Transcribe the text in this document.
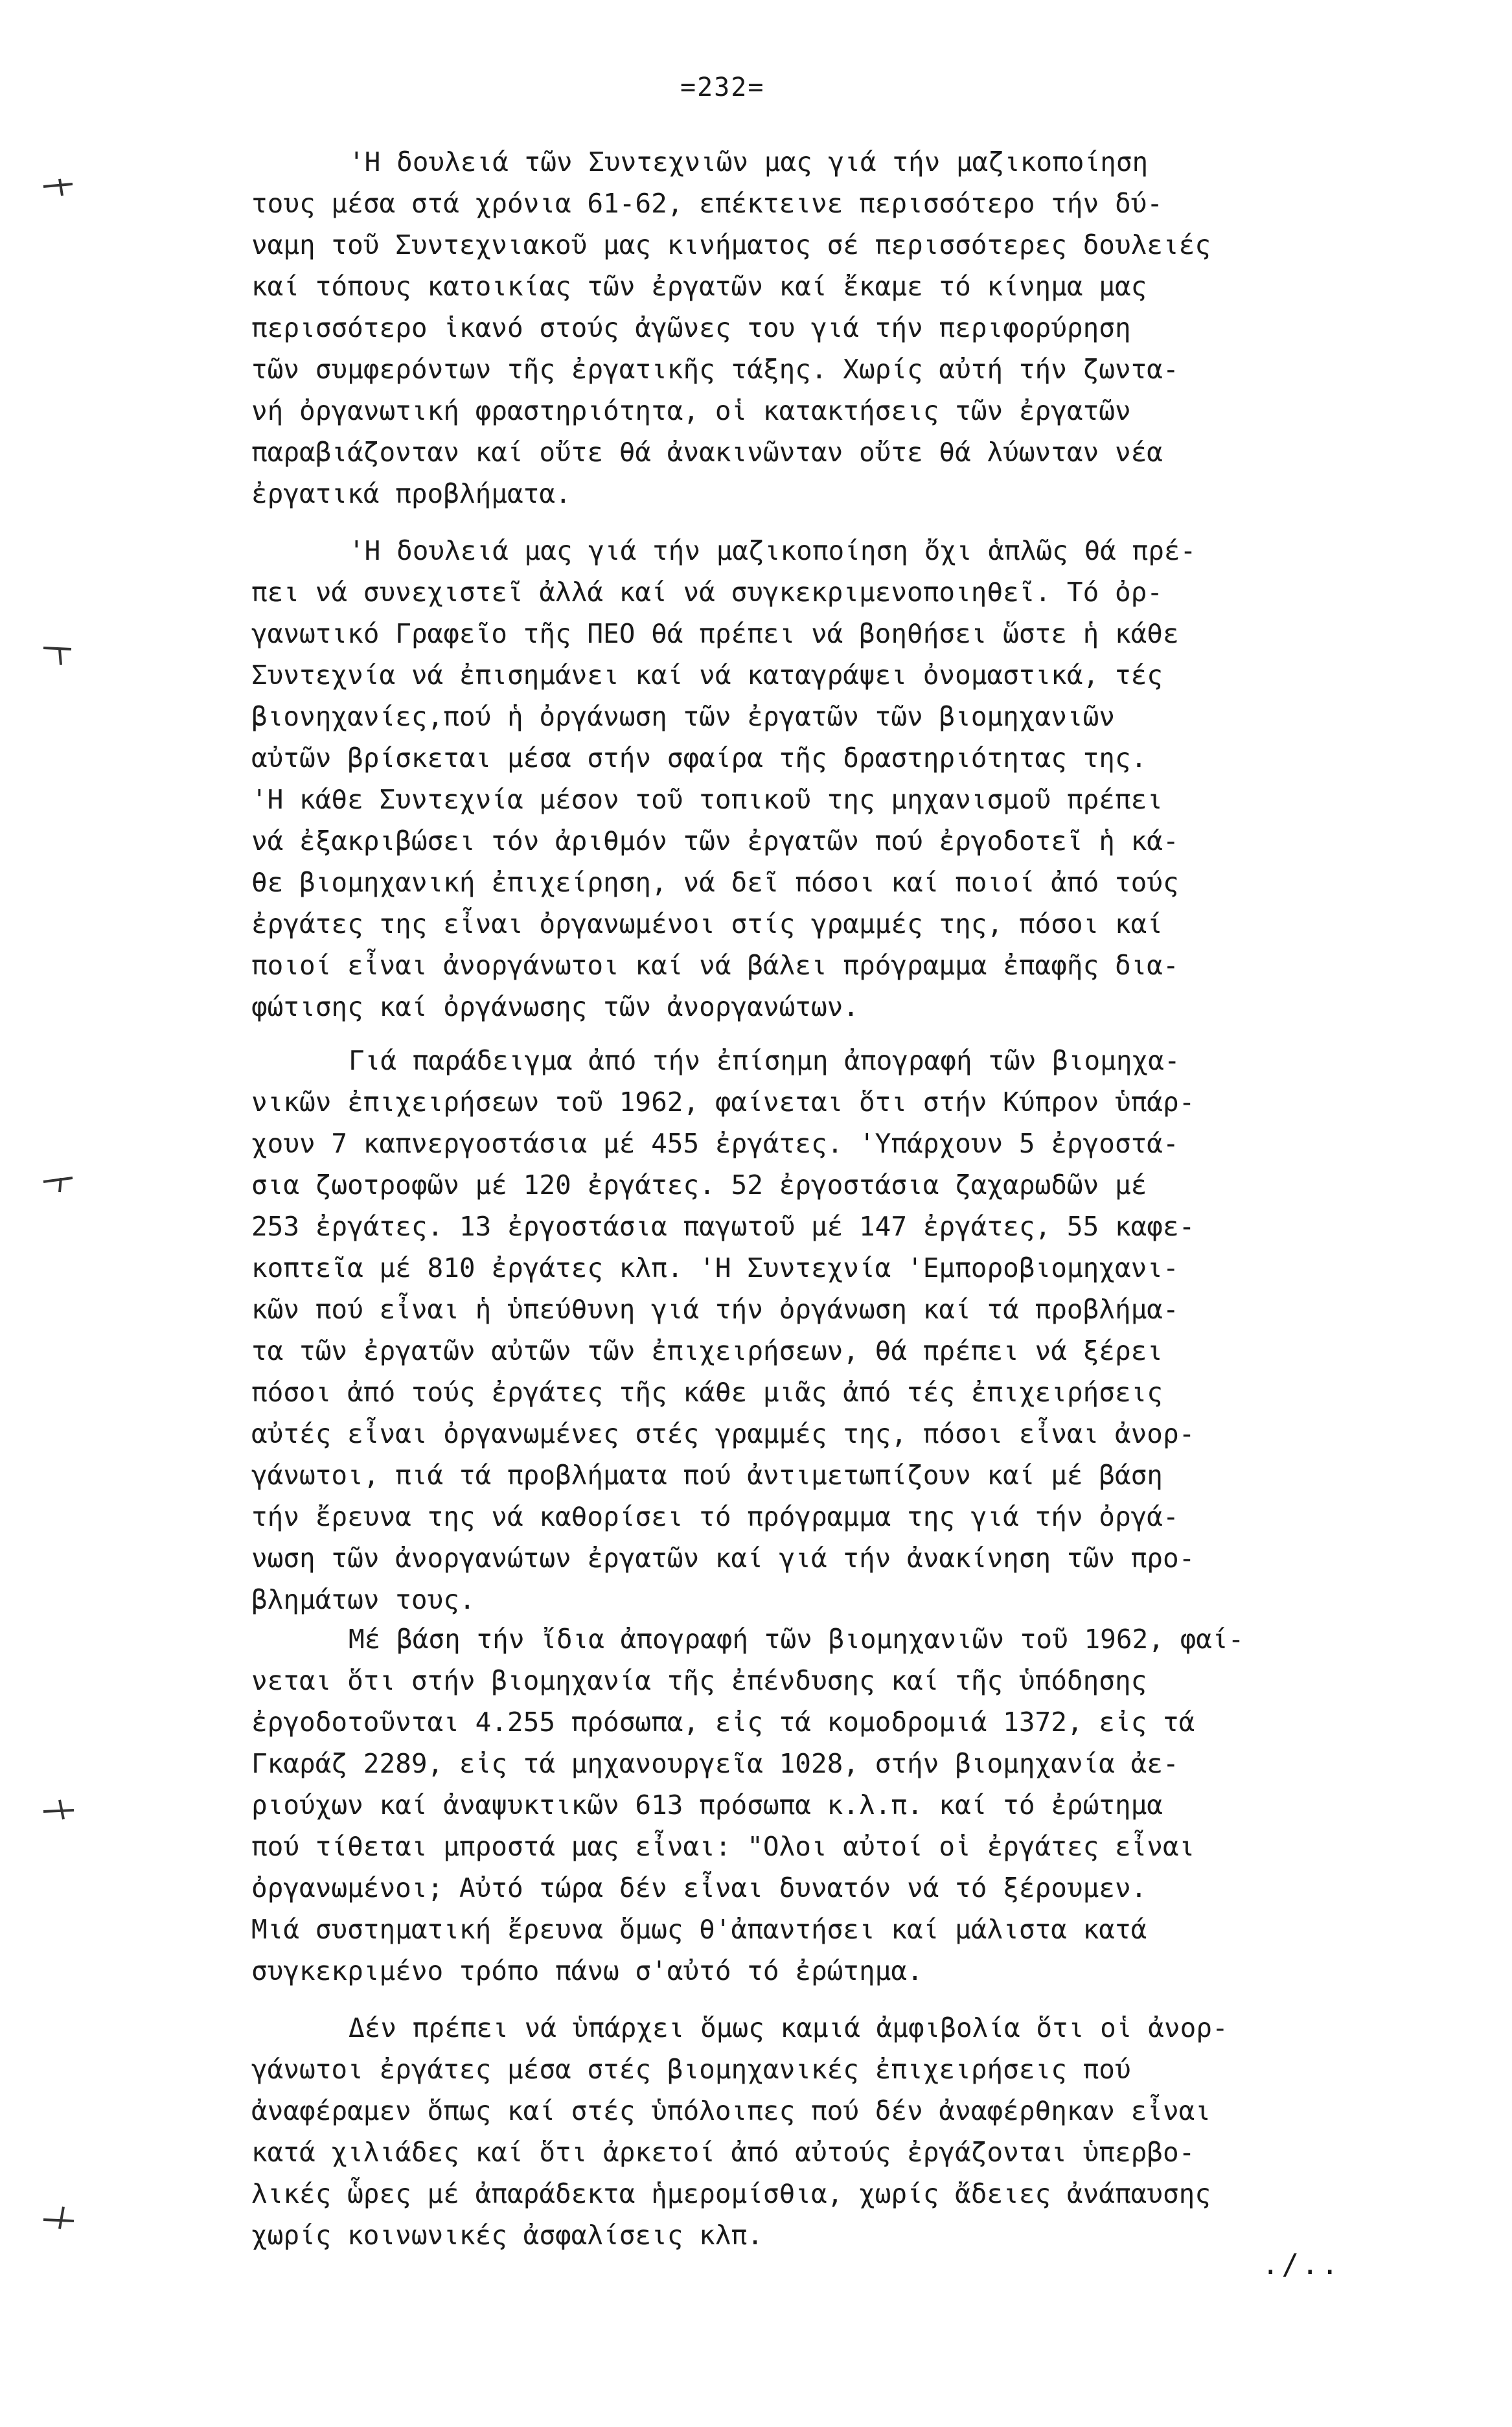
=232=
'Η δουλειά τῶν Συντεχνιῶν μας γιά τήν μαζικοποίηση
τους μέσα στά χρόνια 61-62, επέκτεινε περισσότερο τήν δύ-
ναμη τοῦ Συντεχνιακοῦ μας κινήματος σέ περισσότερες δουλειές
καί τόπους κατοικίας τῶν ἐργατῶν καί ἔκαμε τό κίνημα μας
περισσότερο ἱκανό στούς ἀγῶνες του γιά τήν περιφορύρηση
τῶν συμφερόντων τῆς ἐργατικῆς τάξης. Χωρίς αὐτή τήν ζωντα-
νή ὀργανωτική φραστηριότητα, οἱ κατακτήσεις τῶν ἐργατῶν
παραβιάζονταν καί οὔτε θά ἀνακινῶνταν οὔτε θά λύωνταν νέα
ἐργατικά προβλήματα.
'Η δουλειά μας γιά τήν μαζικοποίηση ὄχι ἁπλῶς θά πρέ-
πει νά συνεχιστεῖ ἀλλά καί νά συγκεκριμενοποιηθεῖ. Τό ὀρ-
γανωτικό Γραφεῖο τῆς ΠΕΟ θά πρέπει νά βοηθήσει ὥστε ἡ κάθε
Συντεχνία νά ἐπισημάνει καί νά καταγράψει ὀνομαστικά, τές
βιονηχανίες,πού ἡ ὀργάνωση τῶν ἐργατῶν τῶν βιομηχανιῶν
αὐτῶν βρίσκεται μέσα στήν σφαίρα τῆς δραστηριότητας της.
'Η κάθε Συντεχνία μέσον τοῦ τοπικοῦ της μηχανισμοῦ πρέπει
νά ἐξακριβώσει τόν ἀριθμόν τῶν ἐργατῶν πού ἐργοδοτεῖ ἡ κά-
θε βιομηχανική ἐπιχείρηση, νά δεῖ πόσοι καί ποιοί ἀπό τούς
ἐργάτες της εἶναι ὀργανωμένοι στίς γραμμές της, πόσοι καί
ποιοί εἶναι ἀνοργάνωτοι καί νά βάλει πρόγραμμα ἐπαφῆς δια-
φώτισης καί ὀργάνωσης τῶν ἀνοργανώτων.
Γιά παράδειγμα ἀπό τήν ἐπίσημη ἀπογραφή τῶν βιομηχα-
νικῶν ἐπιχειρήσεων τοῦ 1962, φαίνεται ὅτι στήν Κύπρον ὑπάρ-
χουν 7 καπνεργοστάσια μέ 455 ἐργάτες. 'Υπάρχουν 5 ἐργοστά-
σια ζωοτροφῶν μέ 120 ἐργάτες. 52 ἐργοστάσια ζαχαρωδῶν μέ
253 ἐργάτες. 13 ἐργοστάσια παγωτοῦ μέ 147 ἐργάτες, 55 καφε-
κοπτεῖα μέ 810 ἐργάτες κλπ. 'Η Συντεχνία 'Εμποροβιομηχανι-
κῶν πού εἶναι ἡ ὑπεύθυνη γιά τήν ὀργάνωση καί τά προβλήμα-
τα τῶν ἐργατῶν αὐτῶν τῶν ἐπιχειρήσεων, θά πρέπει νά ξέρει
πόσοι ἀπό τούς ἐργάτες τῆς κάθε μιᾶς ἀπό τές ἐπιχειρήσεις
αὐτές εἶναι ὀργανωμένες στές γραμμές της, πόσοι εἶναι ἀνορ-
γάνωτοι, πιά τά προβλήματα πού ἀντιμετωπίζουν καί μέ βάση
τήν ἔρευνα της νά καθορίσει τό πρόγραμμα της γιά τήν ὀργά-
νωση τῶν ἀνοργανώτων ἐργατῶν καί γιά τήν ἀνακίνηση τῶν προ-
βλημάτων τους.
Μέ βάση τήν ἴδια ἀπογραφή τῶν βιομηχανιῶν τοῦ 1962, φαί-
νεται ὅτι στήν βιομηχανία τῆς ἐπένδυσης καί τῆς ὑπόδησης
ἐργοδοτοῦνται 4.255 πρόσωπα, εἰς τά κομοδρομιά 1372, εἰς τά
Γκαράζ 2289, εἰς τά μηχανουργεῖα 1028, στήν βιομηχανία ἀε-
ριούχων καί ἀναψυκτικῶν 613 πρόσωπα κ.λ.π. καί τό ἐρώτημα
πού τίθεται μπροστά μας εἶναι: "Ολοι αὐτοί οἱ ἐργάτες εἶναι
ὀργανωμένοι; Αὐτό τώρα δέν εἶναι δυνατόν νά τό ξέρουμεν.
Μιά συστηματική ἔρευνα ὅμως θ'ἀπαντήσει καί μάλιστα κατά
συγκεκριμένο τρόπο πάνω σ'αὐτό τό ἐρώτημα.
Δέν πρέπει νά ὑπάρχει ὅμως καμιά ἀμφιβολία ὅτι οἱ ἀνορ-
γάνωτοι ἐργάτες μέσα στές βιομηχανικές ἐπιχειρήσεις πού
ἀναφέραμεν ὅπως καί στές ὑπόλοιπες πού δέν ἀναφέρθηκαν εἶναι
κατά χιλιάδες καί ὅτι ἀρκετοί ἀπό αὐτούς ἐργάζονται ὑπερβο-
λικές ὧρες μέ ἀπαράδεκτα ἡμερομίσθια, χωρίς ἄδειες ἀνάπαυσης
χωρίς κοινωνικές ἀσφαλίσεις κλπ.
./..
